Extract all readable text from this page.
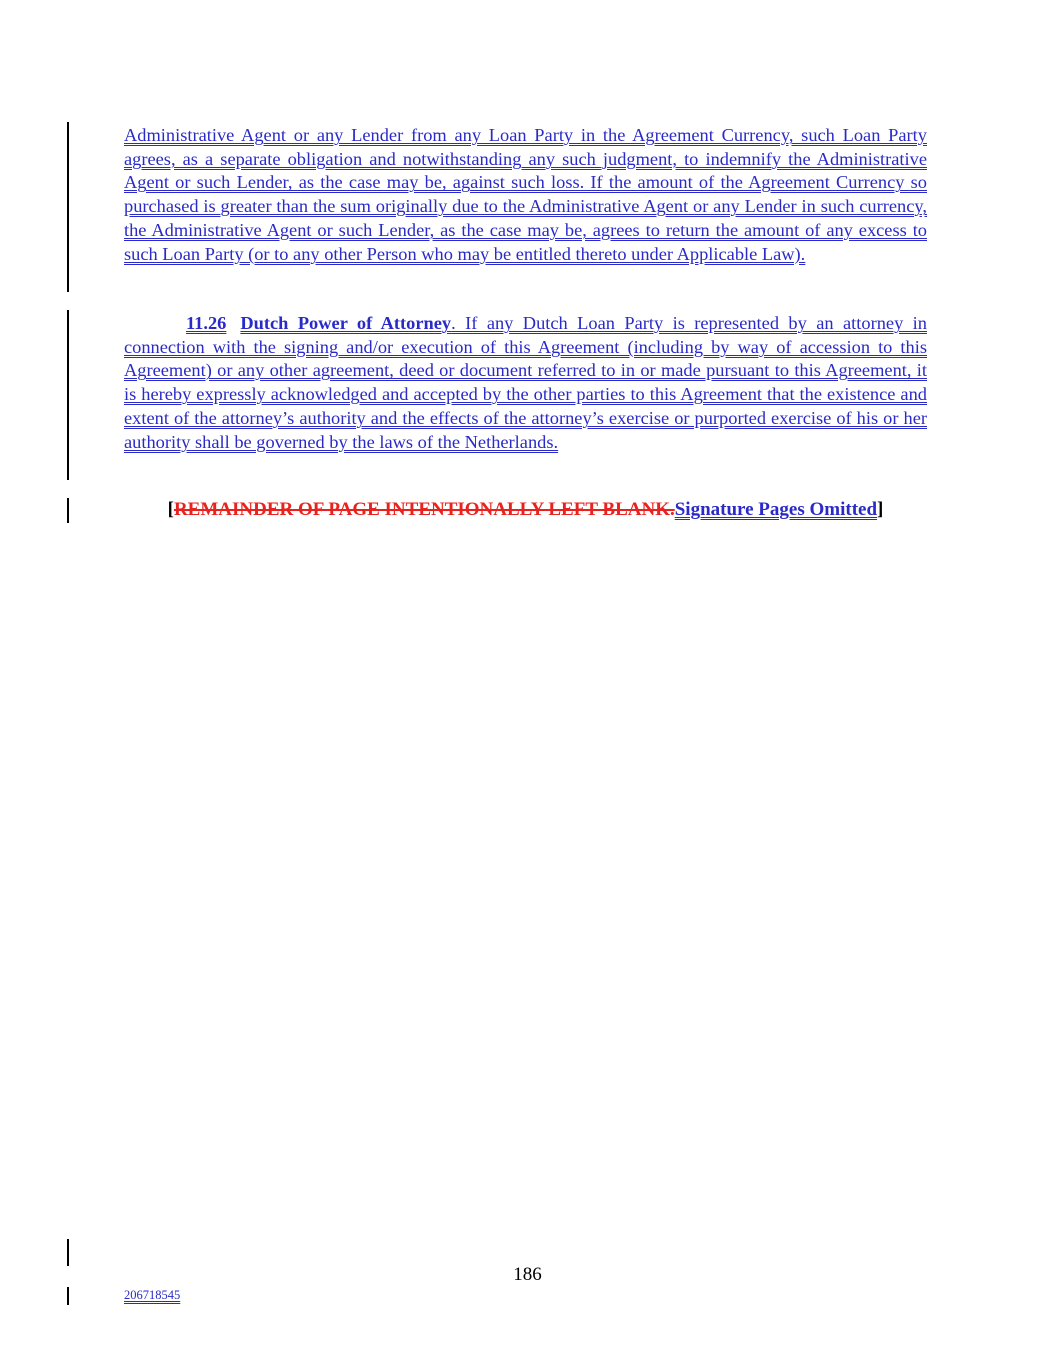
Administrative Agent or any Lender from any Loan Party in the Agreement Currency, such Loan Party agrees, as a separate obligation and notwithstanding any such judgment, to indemnify the Administrative Agent or such Lender, as the case may be, against such loss. If the amount of the Agreement Currency so purchased is greater than the sum originally due to the Administrative Agent or any Lender in such currency, the Administrative Agent or such Lender, as the case may be, agrees to return the amount of any excess to such Loan Party (or to any other Person who may be entitled thereto under Applicable Law).

11.26 Dutch Power of Attorney. If any Dutch Loan Party is represented by an attorney in connection with the signing and/or execution of this Agreement (including by way of accession to this Agreement) or any other agreement, deed or document referred to in or made pursuant to this Agreement, it is hereby expressly acknowledged and accepted by the other parties to this Agreement that the existence and extent of the attorney’s authority and the effects of the attorney’s exercise or purported exercise of his or her authority shall be governed by the laws of the Netherlands.

[REMAINDER OF PAGE INTENTIONALLY LEFT BLANK.Signature Pages Omitted]

186

206718545
